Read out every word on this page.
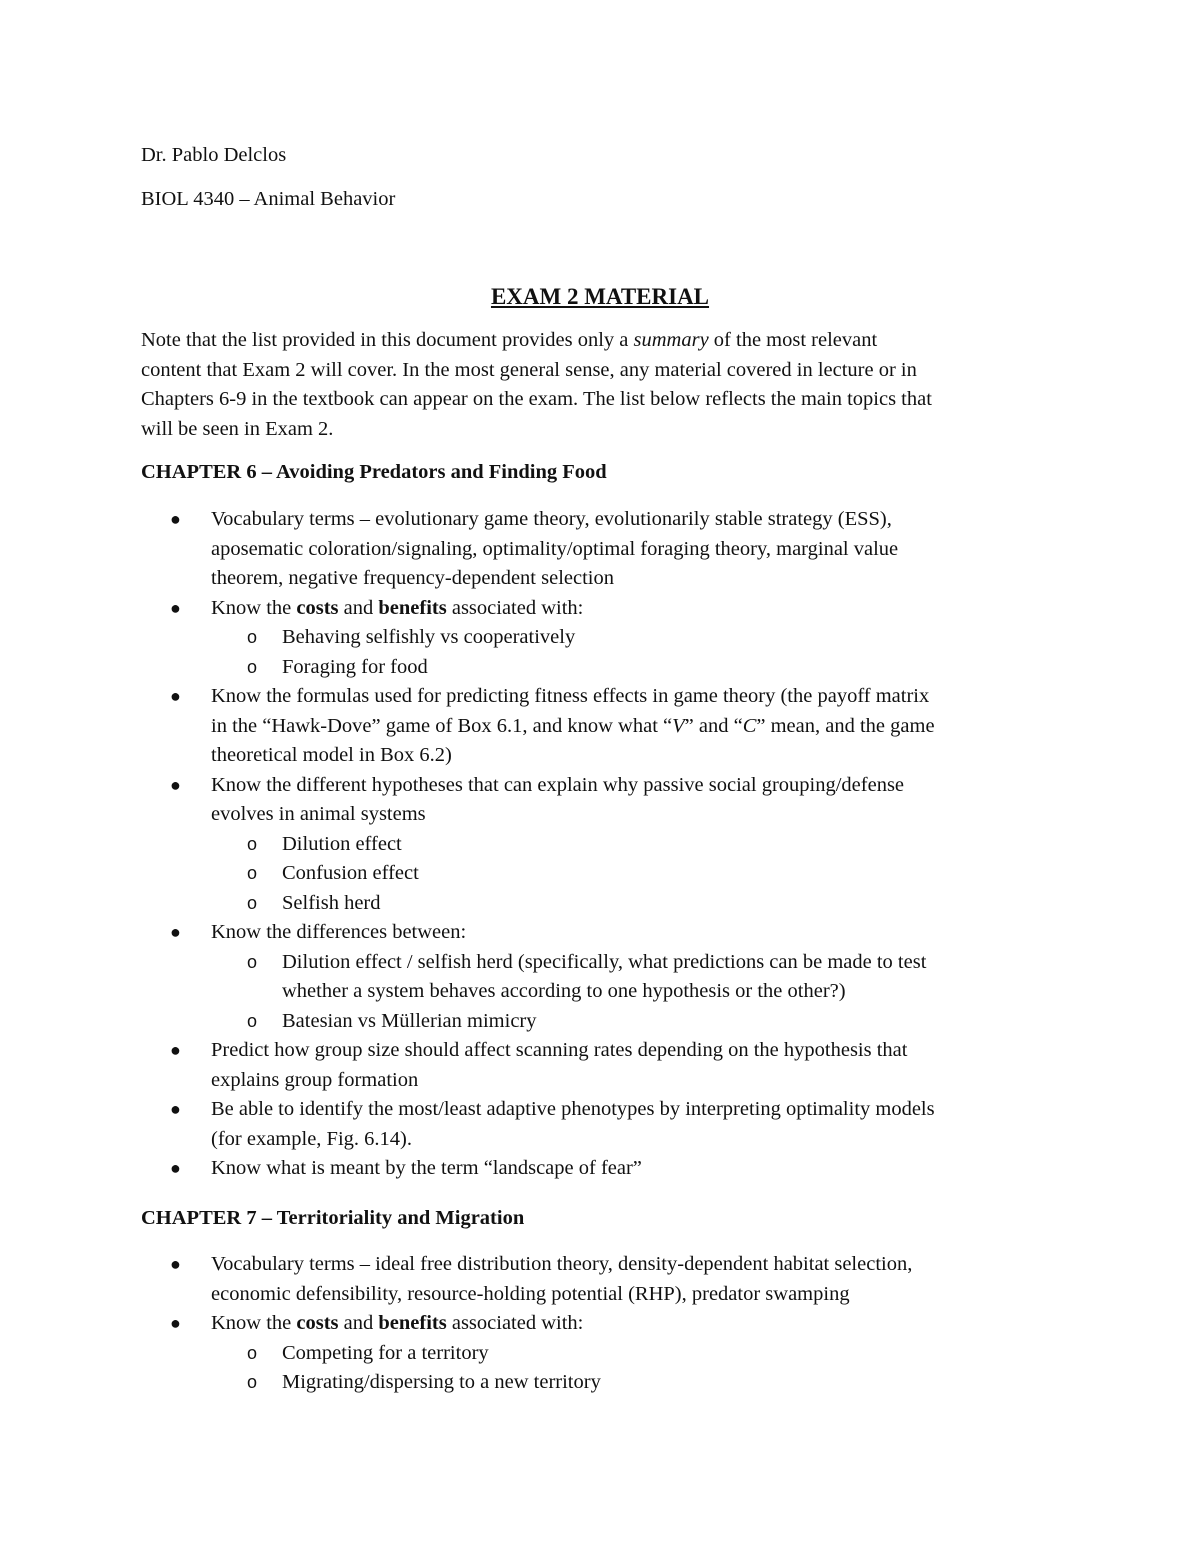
Dr. Pablo Delclos
BIOL 4340 – Animal Behavior
EXAM 2 MATERIAL

Note that the list provided in this document provides only a summary of the most relevant

content that Exam 2 will cover. In the most general sense, any material covered in lecture or in

Chapters 6-9 in the textbook can appear on the exam. The list below reflects the main topics that

will be seen in Exam 2.

CHAPTER 6 – Avoiding Predators and Finding Food
● Vocabulary terms – evolutionary game theory, evolutionarily stable strategy (ESS),
aposematic coloration/signaling, optimality/optimal foraging theory, marginal value
theorem, negative frequency-dependent selection
● Know the costs and benefits associated with:
o Behaving selfishly vs cooperatively
o Foraging for food
● Know the formulas used for predicting fitness effects in game theory (the payoff matrix
in the “Hawk-Dove” game of Box 6.1, and know what “V” and “C” mean, and the game
theoretical model in Box 6.2)
● Know the different hypotheses that can explain why passive social grouping/defense
evolves in animal systems
o Dilution effect
o Confusion effect
o Selfish herd
● Know the differences between:
o Dilution effect / selfish herd (specifically, what predictions can be made to test
whether a system behaves according to one hypothesis or the other?)
o Batesian vs Müllerian mimicry
● Predict how group size should affect scanning rates depending on the hypothesis that
explains group formation
● Be able to identify the most/least adaptive phenotypes by interpreting optimality models
(for example, Fig. 6.14).
● Know what is meant by the term “landscape of fear”
CHAPTER 7 – Territoriality and Migration
● Vocabulary terms – ideal free distribution theory, density-dependent habitat selection,
economic defensibility, resource-holding potential (RHP), predator swamping
● Know the costs and benefits associated with:
o Competing for a territory
o Migrating/dispersing to a new territory
